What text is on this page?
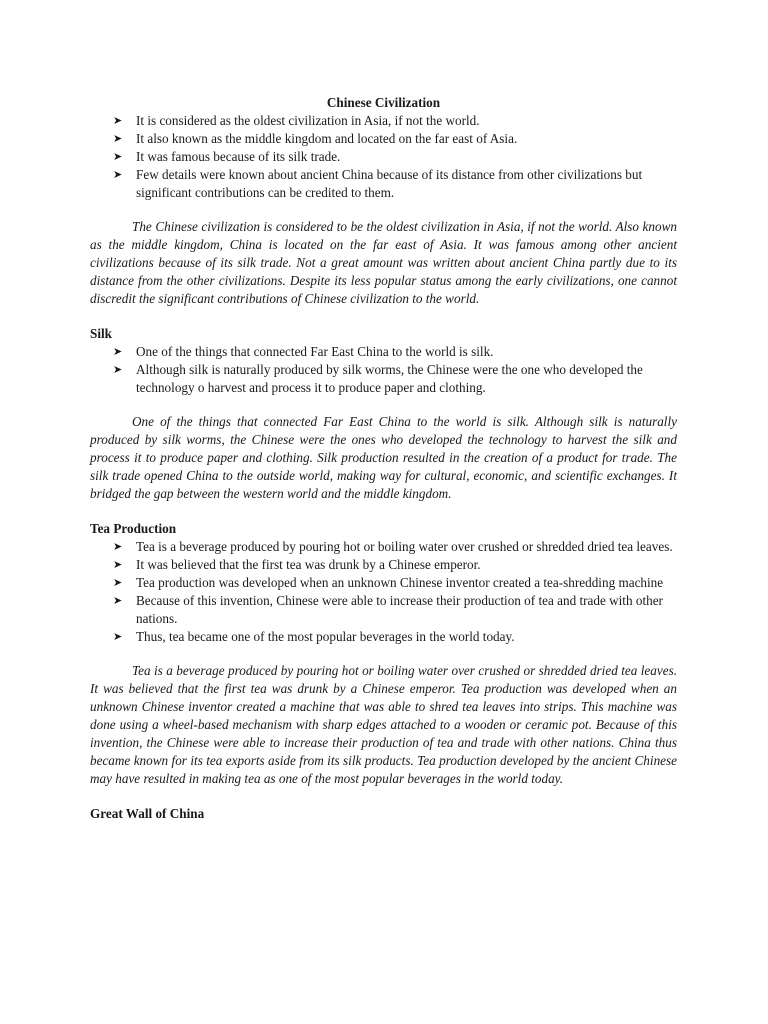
Chinese Civilization
➤ It is considered as the oldest civilization in Asia, if not the world.
➤ It also known as the middle kingdom and located on the far east of Asia.
➤ It was famous because of its silk trade.
➤ Few details were known about ancient China because of its distance from other civilizations but significant contributions can be credited to them.

The Chinese civilization is considered to be the oldest civilization in Asia, if not the world. Also known as the middle kingdom, China is located on the far east of Asia. It was famous among other ancient civilizations because of its silk trade. Not a great amount was written about ancient China partly due to its distance from the other civilizations. Despite its less popular status among the early civilizations, one cannot discredit the significant contributions of Chinese civilization to the world.

Silk
➤ One of the things that connected Far East China to the world is silk.
➤ Although silk is naturally produced by silk worms, the Chinese were the one who developed the technology o harvest and process it to produce paper and clothing.

One of the things that connected Far East China to the world is silk. Although silk is naturally produced by silk worms, the Chinese were the ones who developed the technology to harvest the silk and process it to produce paper and clothing. Silk production resulted in the creation of a product for trade. The silk trade opened China to the outside world, making way for cultural, economic, and scientific exchanges. It bridged the gap between the western world and the middle kingdom.

Tea Production
➤ Tea is a beverage produced by pouring hot or boiling water over crushed or shredded dried tea leaves.
➤ It was believed that the first tea was drunk by a Chinese emperor.
➤ Tea production was developed when an unknown Chinese inventor created a tea-shredding machine
➤ Because of this invention, Chinese were able to increase their production of tea and trade with other nations.
➤ Thus, tea became one of the most popular beverages in the world today.

Tea is a beverage produced by pouring hot or boiling water over crushed or shredded dried tea leaves. It was believed that the first tea was drunk by a Chinese emperor. Tea production was developed when an unknown Chinese inventor created a machine that was able to shred tea leaves into strips. This machine was done using a wheel-based mechanism with sharp edges attached to a wooden or ceramic pot. Because of this invention, the Chinese were able to increase their production of tea and trade with other nations. China thus became known for its tea exports aside from its silk products. Tea production developed by the ancient Chinese may have resulted in making tea as one of the most popular beverages in the world today.

Great Wall of China
